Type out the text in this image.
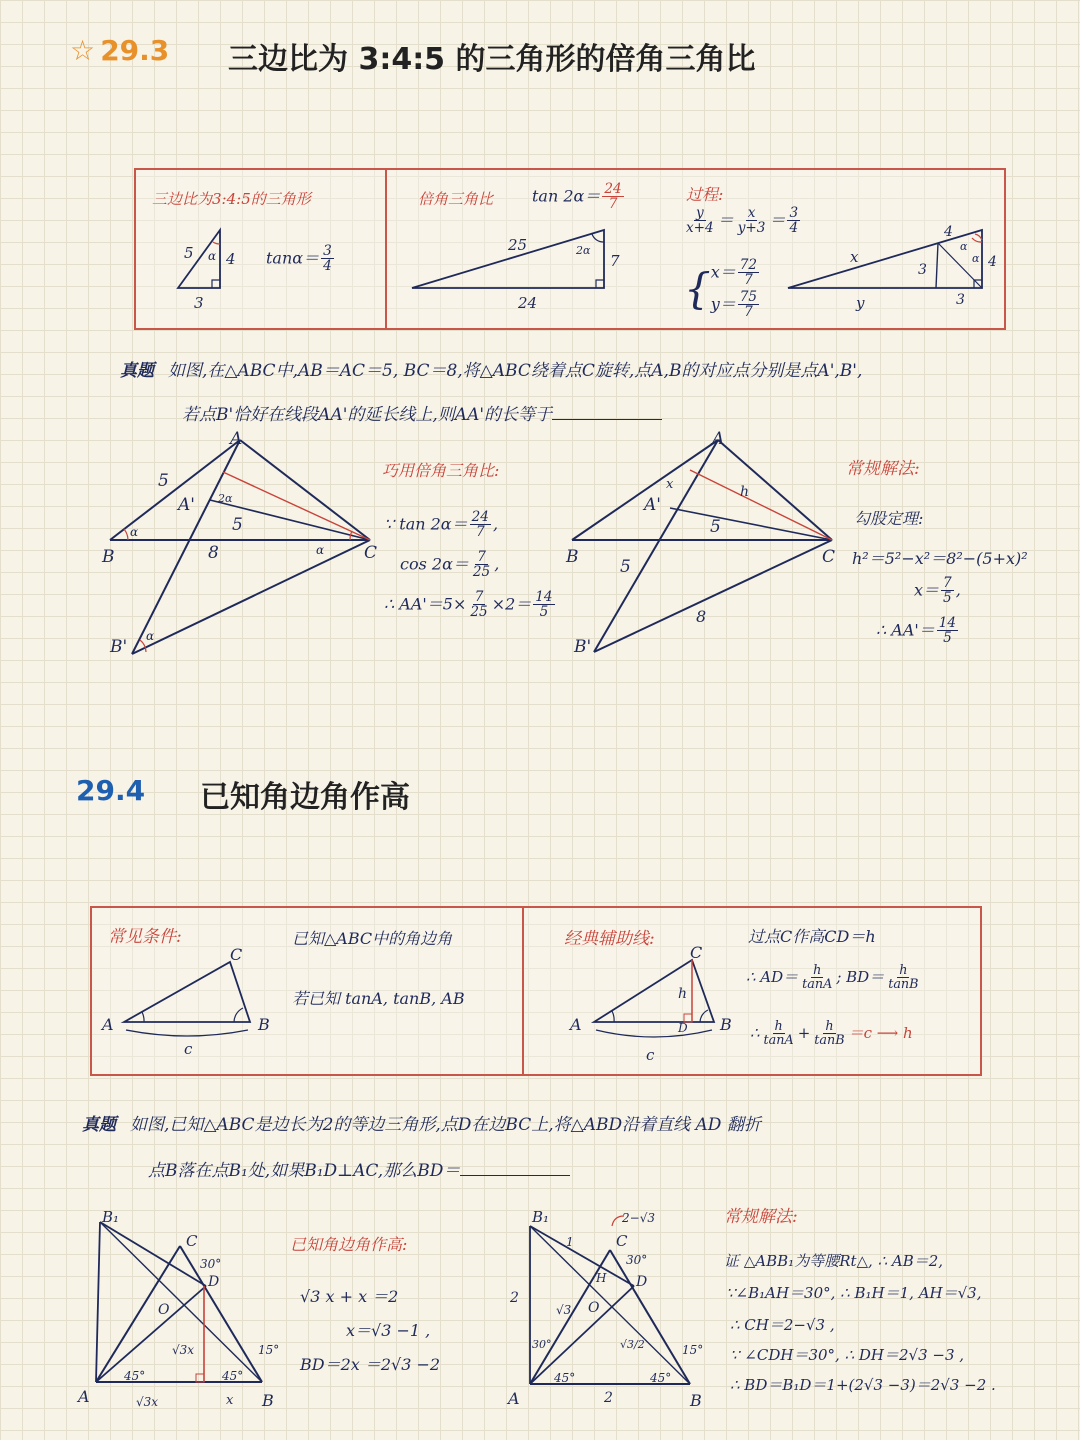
☆ 29.3 三边比为 3:4:5 的三角形的倍角三角比
三边比为3:4:5的三角形
α
5 4
3
$\tan\alpha= \frac{3}{4}$
倍角三角比 $\tan 2\alpha= \frac{24}{7}$
2α
25
7
24
过程:
$\frac{y}{x+4} = \frac{x}{y+3} = \frac{3}{4}$
{ $x= \frac{72}{7}$
$y= \frac{75}{7}$
α
α
x
y
3
3
4
4
真题 如图,在△ABC中,AB＝AC＝5, BC＝8,将△ABC绕着点C旋转,点A,B的对应点分别是点A',B',
若点B'恰好在线段AA'的延长线上,则AA'的长等于
A
B	C
A'
B'
5
5
8
α
α
α
2α
巧用倍角三角比:
∵ $\tan 2\alpha= \frac{24}{7}$ ,
$\cos 2\alpha= \frac{7}{25}$ ,
∴ $AA'=5\times \frac{7}{25} \times 2= \frac{14}{5}$
A
B	C
A'
B'
5
5
8
x	h
常规解法:
勾股定理:
h²＝5²−x²＝8²−(5+x)²
$x= \frac{7}{5}$ ,
∴ $AA'= \frac{14}{5}$
29.4 已知角边角作高
常见条件:	已知△ABC中的角边角
若已知 tanA, tanB, AB
A	B
C
c
经典辅助线:	过点C作高CD＝h
∴ $AD= \frac{h}{\tan A}$ ; $BD= \frac{h}{\tan B}$
∴ $\frac{h}{\tan A} + \frac{h}{\tan B} =c$ ⟶ h
A	B
C
D
h
c
真题 如图,已知△ABC是边长为2的等边三角形,点D在边BC上,将△ABD沿着直线 AD 翻折
点B落在点B₁处,如果B₁D⊥AC,那么BD＝
A	B
C
D
O
B₁
30°
45°	45°
15°
√3x
√3x	x
已知角边角作高:
√3 x + x ＝2
x＝√3 −1 ,
BD＝2x ＝2√3 −2
B₁
A	B
C
D
O
H
2−√3
30°
30°
45°	45°
15°
2
2
1
√3
√3/2
常规解法:
证 △ABB₁为等腰Rt△, ∴ AB＝2,
∵∠B₁AH＝30°, ∴ B₁H＝1, AH＝√3,
∴ CH＝2−√3 ,
∵ ∠CDH＝30°, ∴ DH＝2√3 −3 ,
∴ BD＝B₁D＝1+(2√3 −3)＝2√3 −2 .
